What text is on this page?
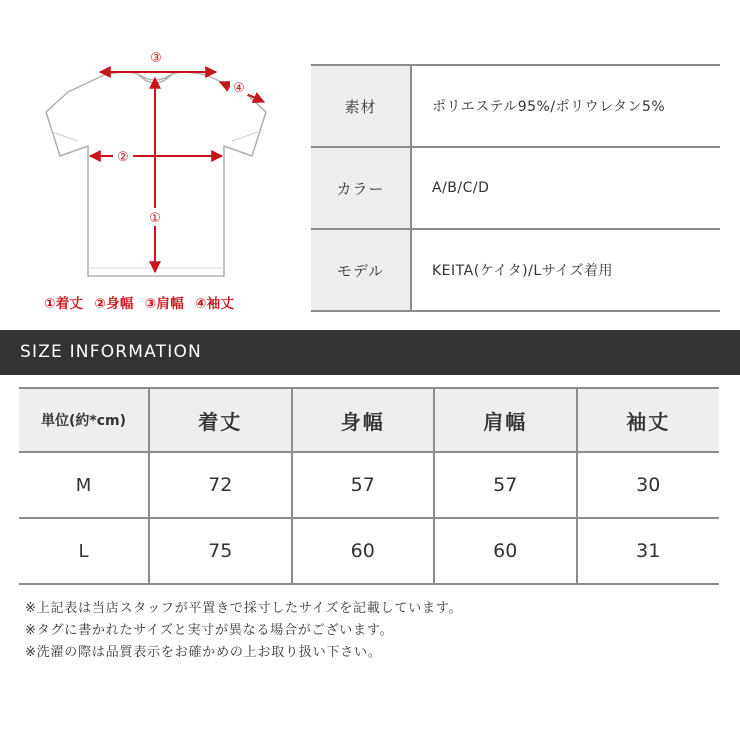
③
④
②
①
①着丈 ②身幅 ③肩幅 ④袖丈
素材	ポリエステル95%/ポリウレタン5%
カラー	A/B/C/D
モデル	KEITA(ケイタ)/Lサイズ着用
SIZE INFORMATION
単位(約*cm)	着丈	身幅	肩幅	袖丈
M	72	57	57	30
L	75	60	60	31
※上記表は当店スタッフが平置きで採寸したサイズを記載しています。
※タグに書かれたサイズと実寸が異なる場合がございます。
※洗濯の際は品質表示をお確かめの上お取り扱い下さい。
